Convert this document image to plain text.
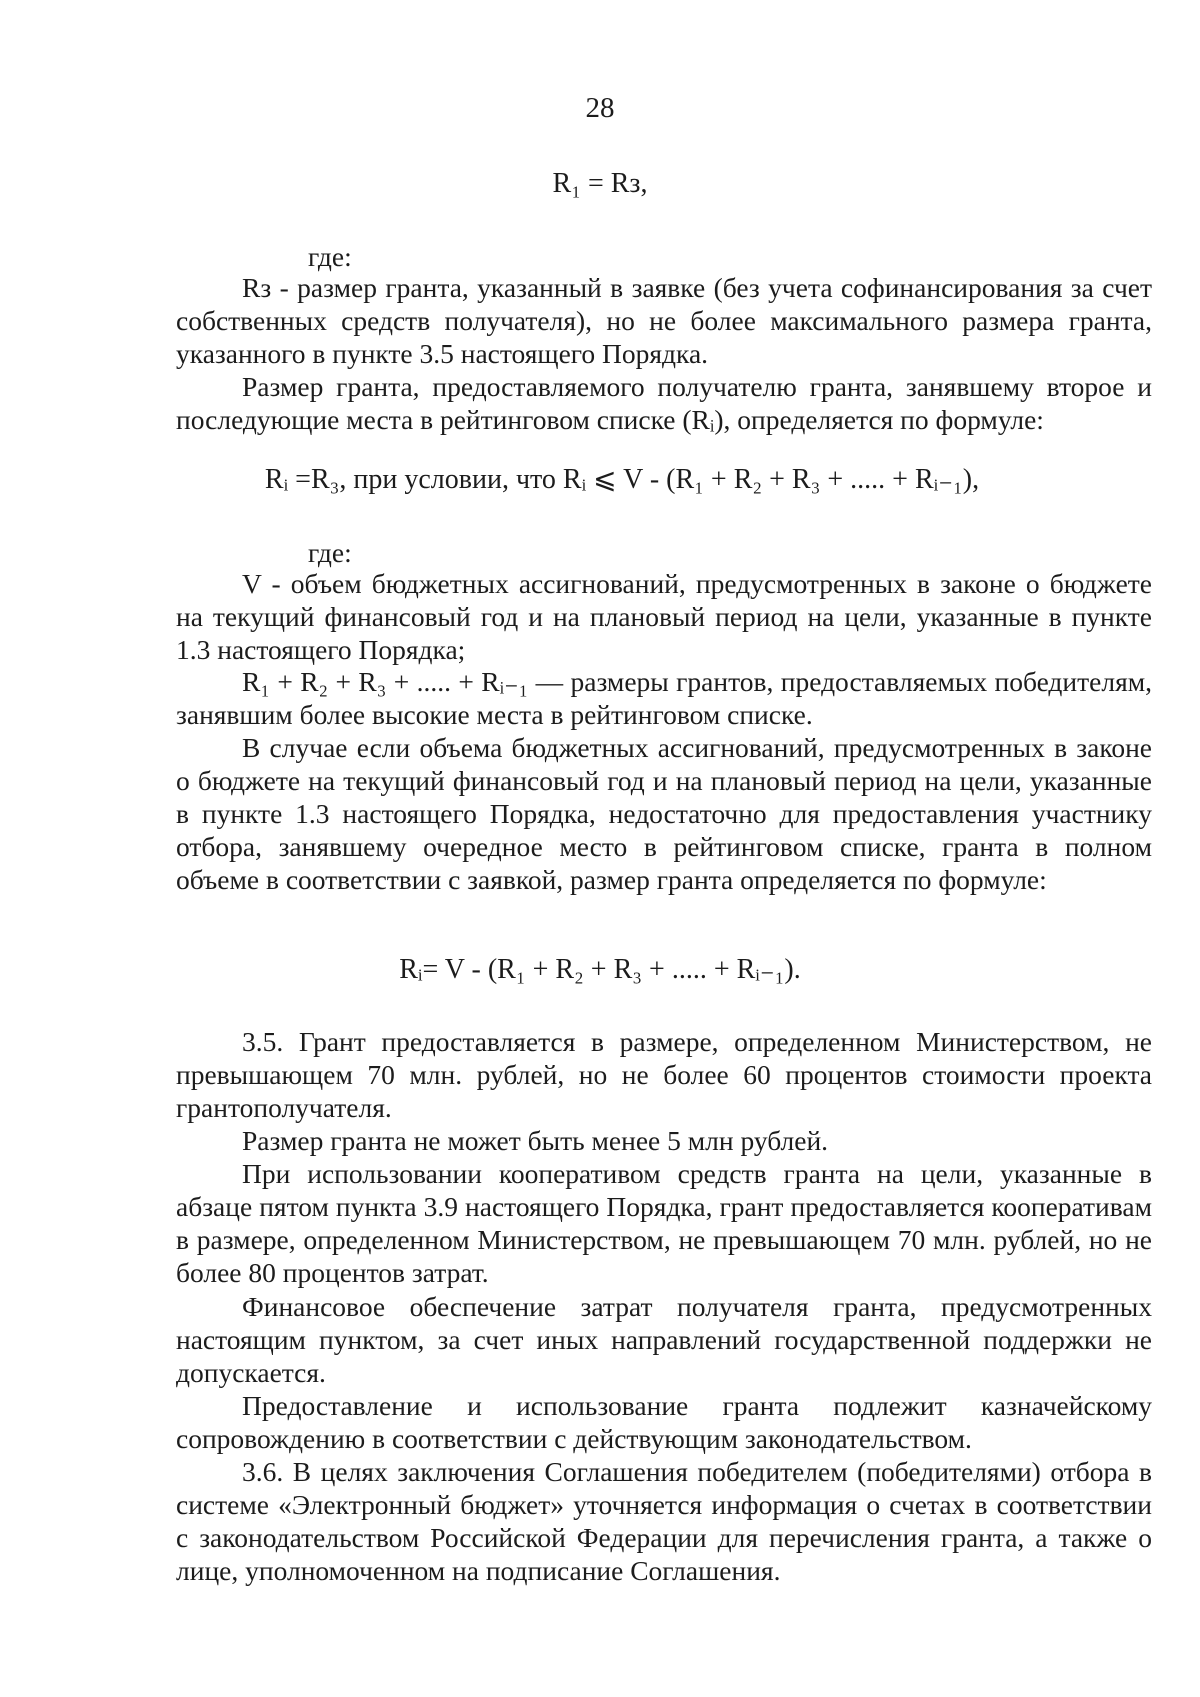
28
R₁ = Rз,
где:
Rз - размер гранта, указанный в заявке (без учета софинансирования за счет собственных средств получателя), но не более максимального размера гранта, указанного в пункте 3.5 настоящего Порядка.
Размер гранта, предоставляемого получателю гранта, занявшему второе и последующие места в рейтинговом списке (Rᵢ), определяется по формуле:
Rᵢ =R₃, при условии, что Rᵢ ⩽ V - (R₁ + R₂ + R₃ + ..... + Rᵢ₋₁),
где:
V - объем бюджетных ассигнований, предусмотренных в законе о бюджете на текущий финансовый год и на плановый период на цели, указанные в пункте 1.3 настоящего Порядка;
R₁ + R₂ + R₃ + ..... + Rᵢ₋₁ — размеры грантов, предоставляемых победителям, занявшим более высокие места в рейтинговом списке.
В случае если объема бюджетных ассигнований, предусмотренных в законе о бюджете на текущий финансовый год и на плановый период на цели, указанные в пункте 1.3 настоящего Порядка, недостаточно для предоставления участнику отбора, занявшему очередное место в рейтинговом списке, гранта в полном объеме в соответствии с заявкой, размер гранта определяется по формуле:
Rᵢ= V - (R₁ + R₂ + R₃ + ..... + Rᵢ₋₁).
3.5. Грант предоставляется в размере, определенном Министерством, не превышающем 70 млн. рублей, но не более 60 процентов стоимости проекта грантополучателя.
Размер гранта не может быть менее 5 млн рублей.
При использовании кооперативом средств гранта на цели, указанные в абзаце пятом пункта 3.9 настоящего Порядка, грант предоставляется кооперативам в размере, определенном Министерством, не превышающем 70 млн. рублей, но не более 80 процентов затрат.
Финансовое обеспечение затрат получателя гранта, предусмотренных настоящим пунктом, за счет иных направлений государственной поддержки не допускается.
Предоставление и использование гранта подлежит казначейскому сопровождению в соответствии с действующим законодательством.
3.6. В целях заключения Соглашения победителем (победителями) отбора в системе «Электронный бюджет» уточняется информация о счетах в соответствии с законодательством Российской Федерации для перечисления гранта, а также о лице, уполномоченном на подписание Соглашения.
